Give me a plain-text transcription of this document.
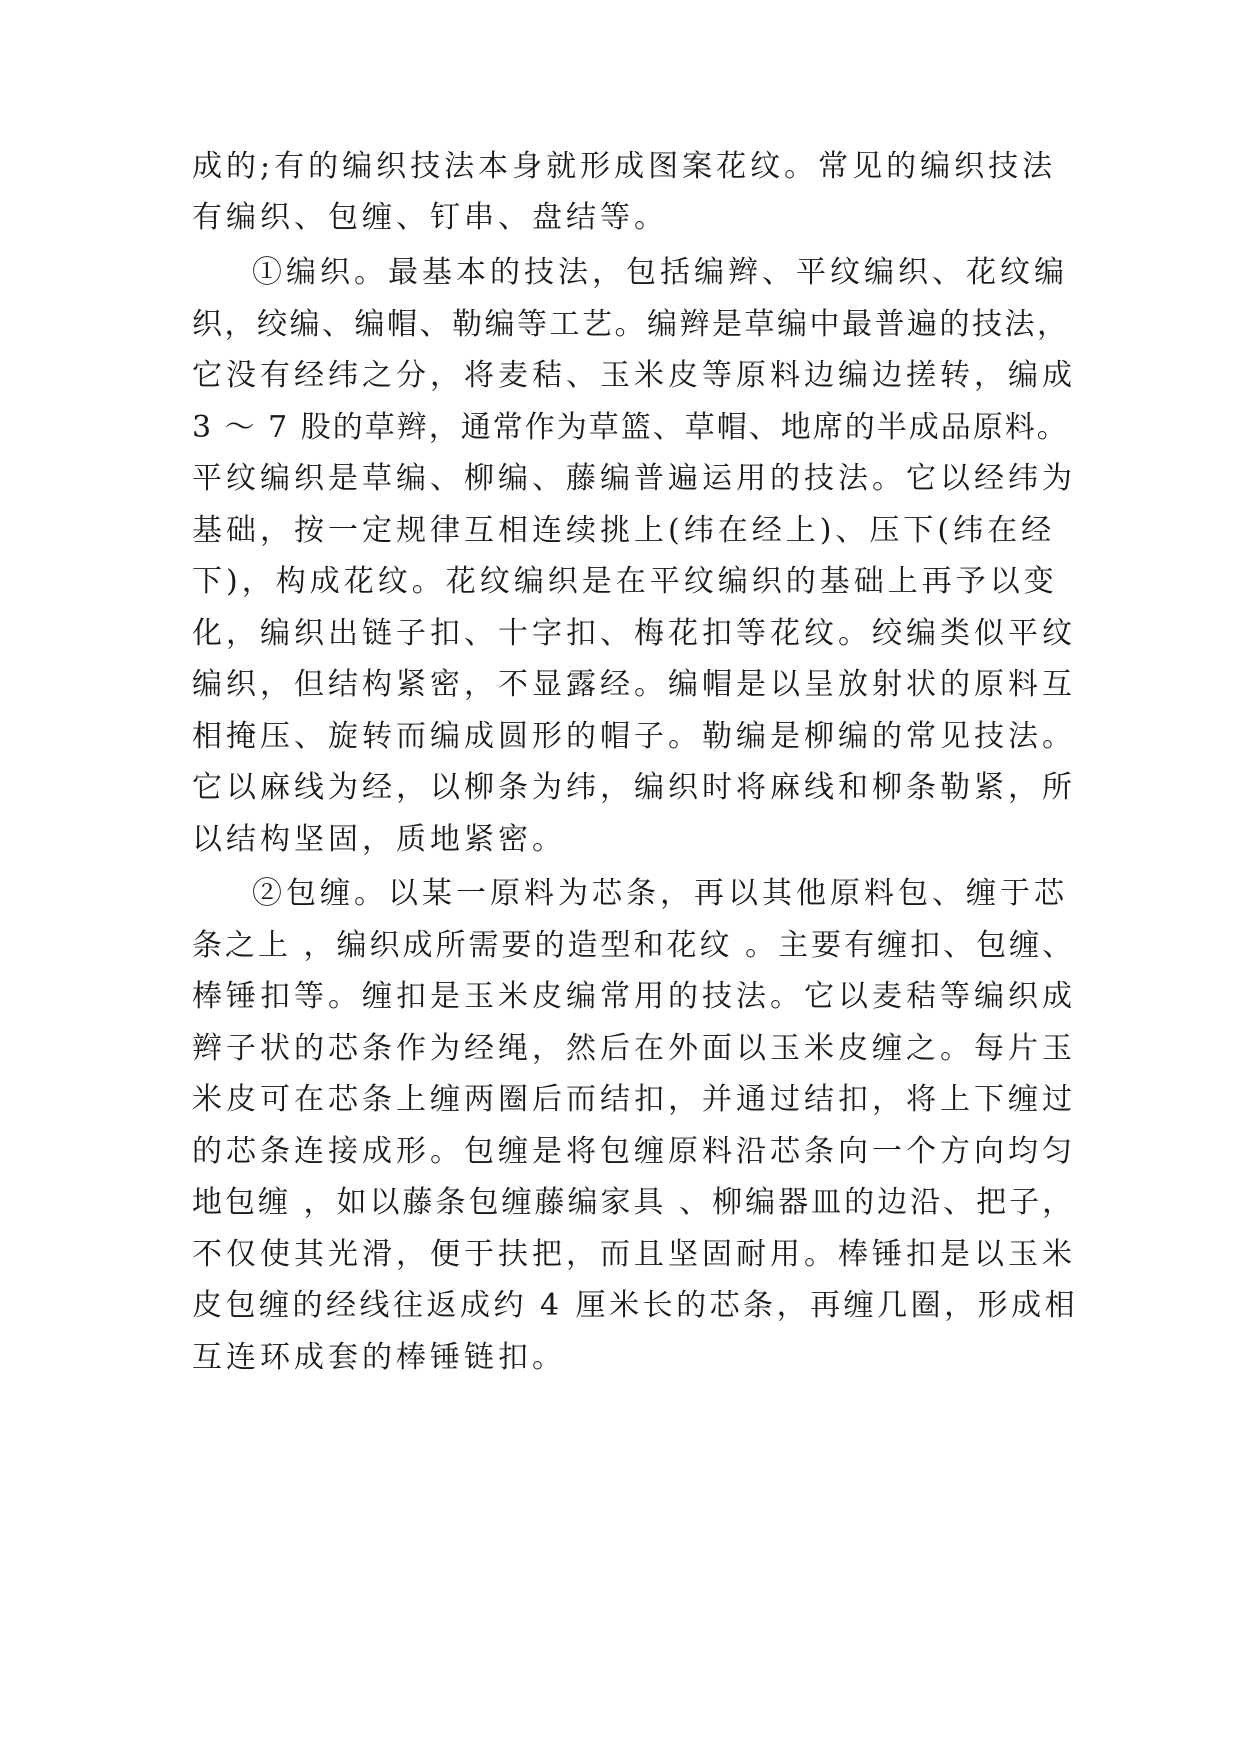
成的;有的编织技法本身就形成图案花纹。常见的编织技法
有编织、包缠、钉串、盘结等。
①编织。最基本的技法，包括编辫、平纹编织、花纹编
织，绞编、编帽、勒编等工艺。编辫是草编中最普遍的技法，
它没有经纬之分，将麦秸、玉米皮等原料边编边搓转，编成
3 ～ 7 股的草辫，通常作为草篮、草帽、地席的半成品原料。
平纹编织是草编、柳编、藤编普遍运用的技法。它以经纬为
基础，按一定规律互相连续挑上(纬在经上)、压下(纬在经
下)，构成花纹。花纹编织是在平纹编织的基础上再予以变
化，编织出链子扣、十字扣、梅花扣等花纹。绞编类似平纹
编织，但结构紧密，不显露经。编帽是以呈放射状的原料互
相掩压、旋转而编成圆形的帽子。勒编是柳编的常见技法。
它以麻线为经，以柳条为纬，编织时将麻线和柳条勒紧，所
以结构坚固，质地紧密。
②包缠。以某一原料为芯条，再以其他原料包、缠于芯
条之上 ，编织成所需要的造型和花纹 。主要有缠扣、包缠、
棒锤扣等。缠扣是玉米皮编常用的技法。它以麦秸等编织成
辫子状的芯条作为经绳，然后在外面以玉米皮缠之。每片玉
米皮可在芯条上缠两圈后而结扣，并通过结扣，将上下缠过
的芯条连接成形。包缠是将包缠原料沿芯条向一个方向均匀
地包缠 ，如以藤条包缠藤编家具 、柳编器皿的边沿、把子，
不仅使其光滑，便于扶把，而且坚固耐用。棒锤扣是以玉米
皮包缠的经线往返成约 4 厘米长的芯条，再缠几圈，形成相
互连环成套的棒锤链扣。
